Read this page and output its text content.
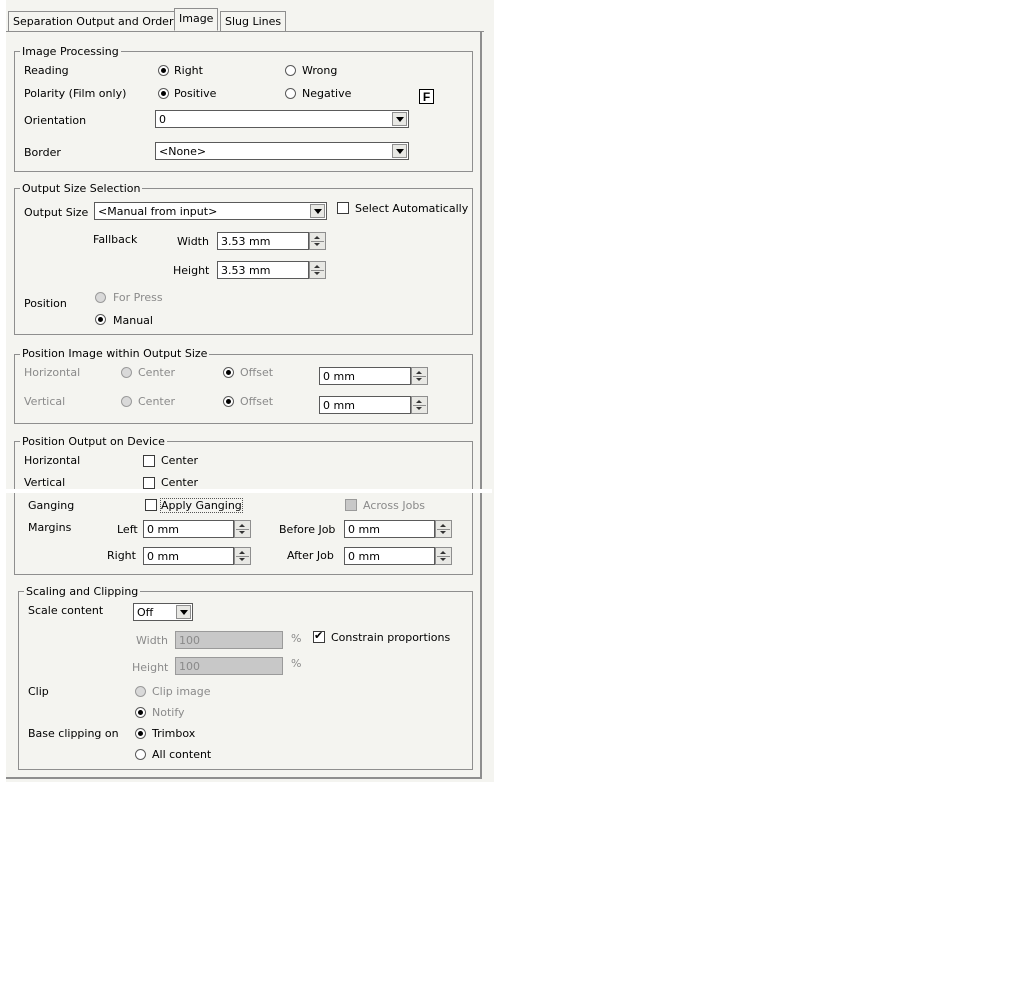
Separation Output and Order Image	Slug Lines
Image Processing
Reading	Right	Wrong
Polarity (Film only)	Positive	Negative	F
Orientation	0
Border	<None>
Output Size Selection
Output Size <Manual from input>	Select Automatically
Fallback	Width 3.53 mm
Height 3.53 mm
Position	For Press
Manual
Position Image within Output Size
Horizontal	Center	Offset	0 mm
Vertical	Center	Offset	0 mm
Position Output on Device
Horizontal	Center
Vertical	Center
Ganging	Apply Ganging	Across Jobs
Margins	Left 0 mm	Before Job 0 mm
Right 0 mm	After Job 0 mm
Scaling and Clipping
Scale content	Off
Width 100	%
✔	Constrain proportions
Height 100	%
Clip	Clip image
Notify
Base clipping on	Trimbox
All content
